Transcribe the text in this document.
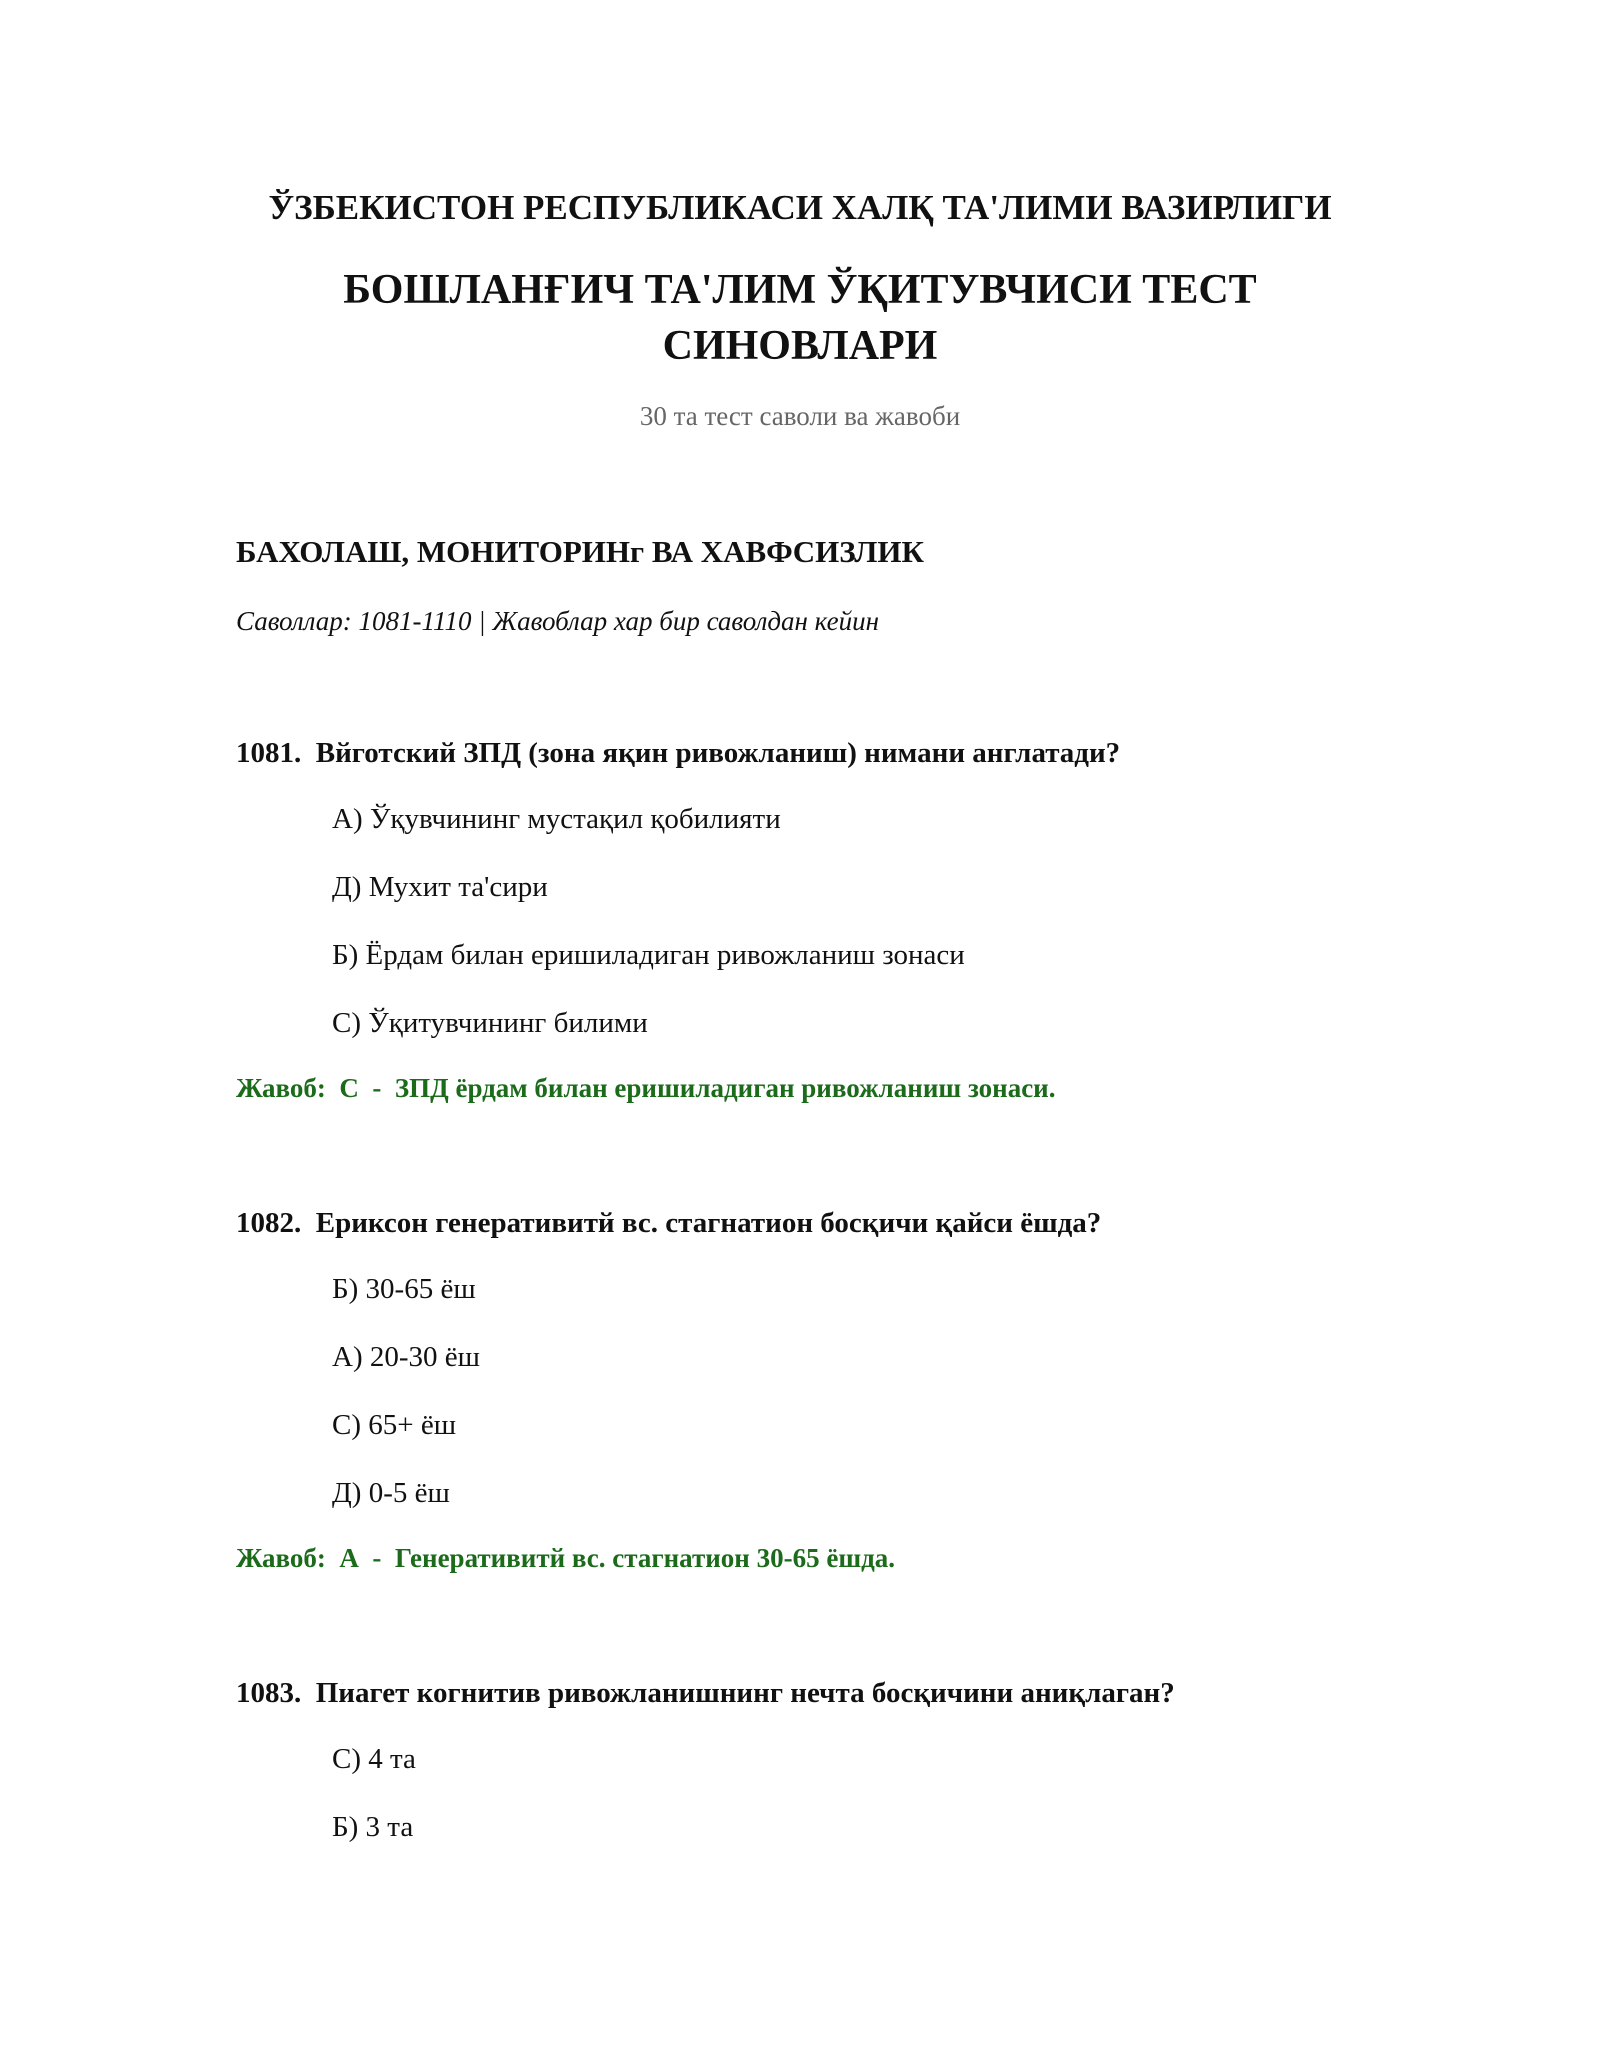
ЎЗБЕКИСТОН РЕСПУБЛИКАСИ ХАЛҚ ТА'ЛИМИ ВАЗИРЛИГИ
БОШЛАНҒИЧ ТА'ЛИМ ЎҚИТУВЧИСИ ТЕСТ
СИНОВЛАРИ
30 та тест саволи ва жавоби
БАХОЛАШ, МОНИТОРИНг ВА ХАВФСИЗЛИК
Саволлар: 1081-1110 | Жавоблар хар бир саволдан кейин
1081.  Вйготский ЗПД (зона яқин ривожланиш) нимани англатади?
А) Ўқувчининг мустақил қобилияти
Д) Мухит та'сири
Б) Ёрдам билан еришиладиган ривожланиш зонаси
С) Ўқитувчининг билими
Жавоб:  С  -  ЗПД ёрдам билан еришиладиган ривожланиш зонаси.
1082.  Ериксон генеративитй вс. стагнатион босқичи қайси ёшда?
Б) 30-65 ёш
А) 20-30 ёш
С) 65+ ёш
Д) 0-5 ёш
Жавоб:  А  -  Генеративитй вс. стагнатион 30-65 ёшда.
1083.  Пиагет когнитив ривожланишнинг нечта босқичини аниқлаган?
С) 4 та
Б) 3 та
